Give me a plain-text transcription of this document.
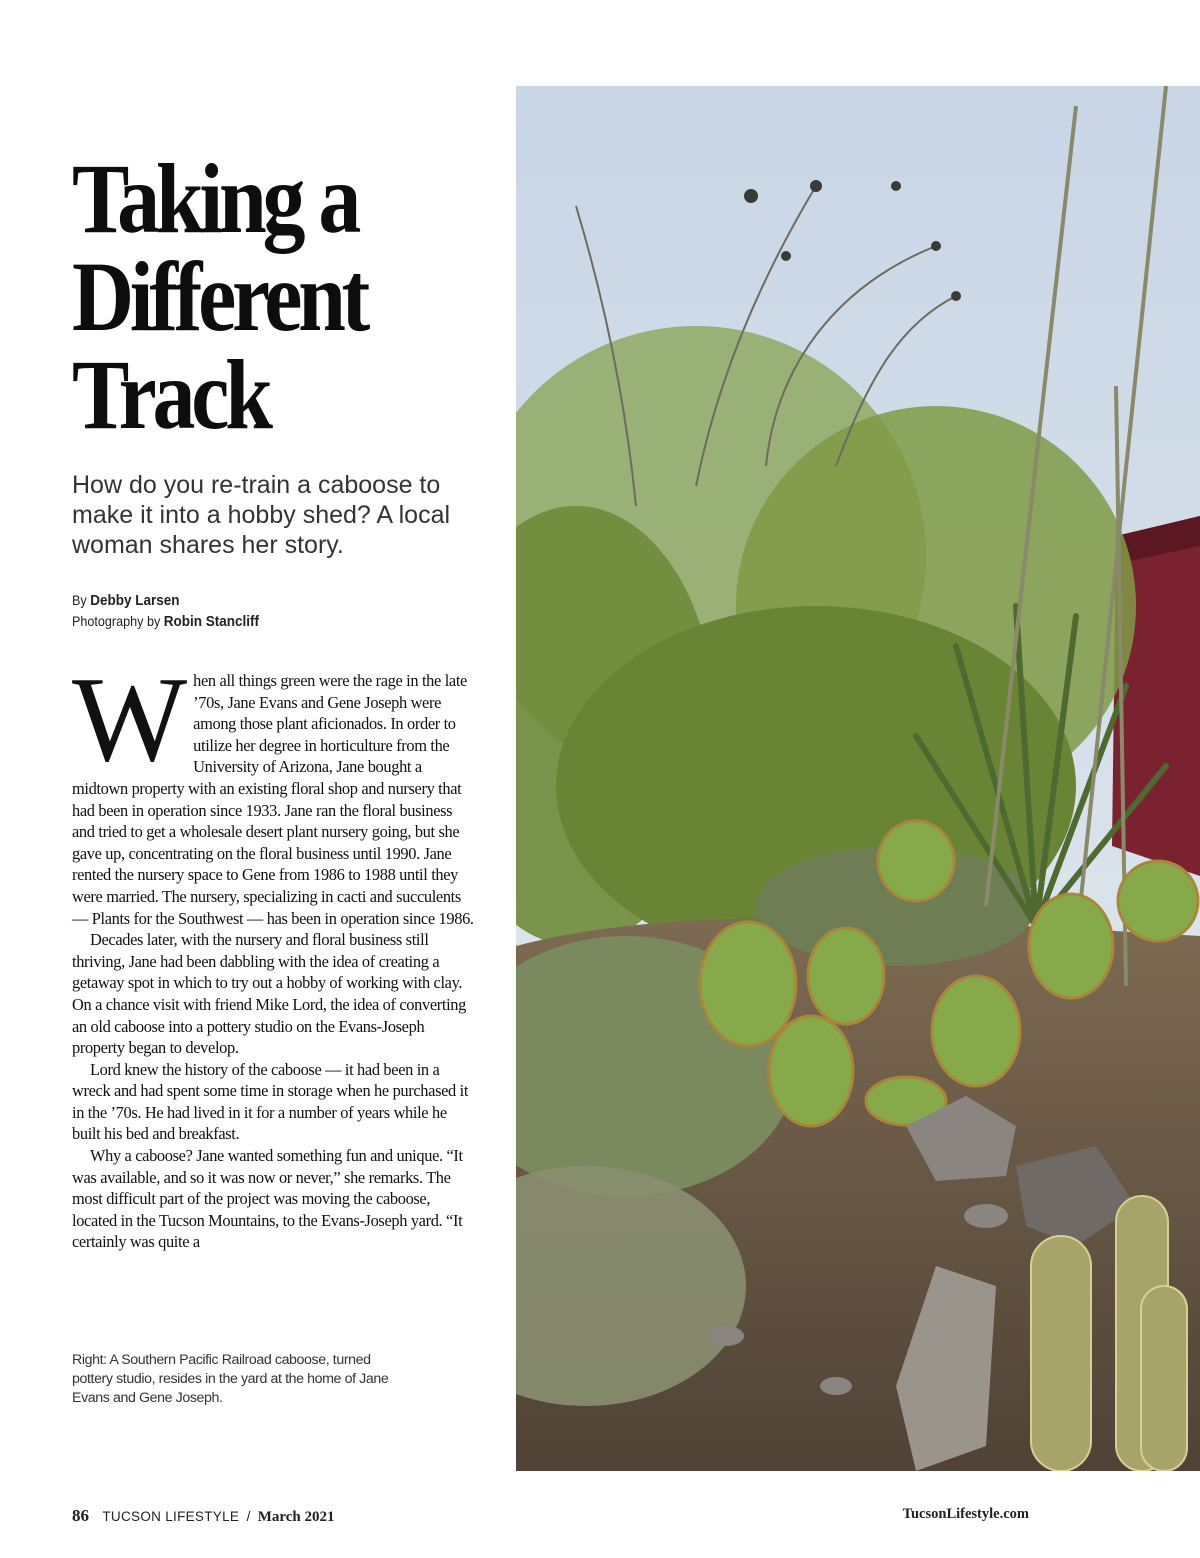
Taking a
Different
Track

How do you re-train a caboose to make it into a hobby shed? A local woman shares her story.

By Debby Larsen
Photography by Robin Stancliff

When all things green were the rage in the late ’70s, Jane Evans and Gene Joseph were among those plant aficionados. In order to utilize her degree in horticulture from the University of Arizona, Jane bought a midtown property with an existing floral shop and nursery that had been in operation since 1933. Jane ran the floral business and tried to get a wholesale desert plant nursery going, but she gave up, concentrating on the floral business until 1990. Jane rented the nursery space to Gene from 1986 to 1988 until they were married. The nursery, specializing in cacti and succulents — Plants for the Southwest — has been in operation since 1986.

Decades later, with the nursery and floral business still thriving, Jane had been dabbling with the idea of creating a getaway spot in which to try out a hobby of working with clay. On a chance visit with friend Mike Lord, the idea of converting an old caboose into a pottery studio on the Evans-Joseph property began to develop.

Lord knew the history of the caboose — it had been in a wreck and had spent some time in storage when he purchased it in the ’70s. He had lived in it for a number of years while he built his bed and breakfast.

Why a caboose? Jane wanted something fun and unique. “It was available, and so it was now or never,” she remarks. The most difficult part of the project was moving the caboose, located in the Tucson Mountains, to the Evans-Joseph yard. “It certainly was quite a

Right: A Southern Pacific Railroad caboose, turned pottery studio, resides in the yard at the home of Jane Evans and Gene Joseph.
86 TUCSON LIFESTYLE / March 2021	TucsonLifestyle.com
